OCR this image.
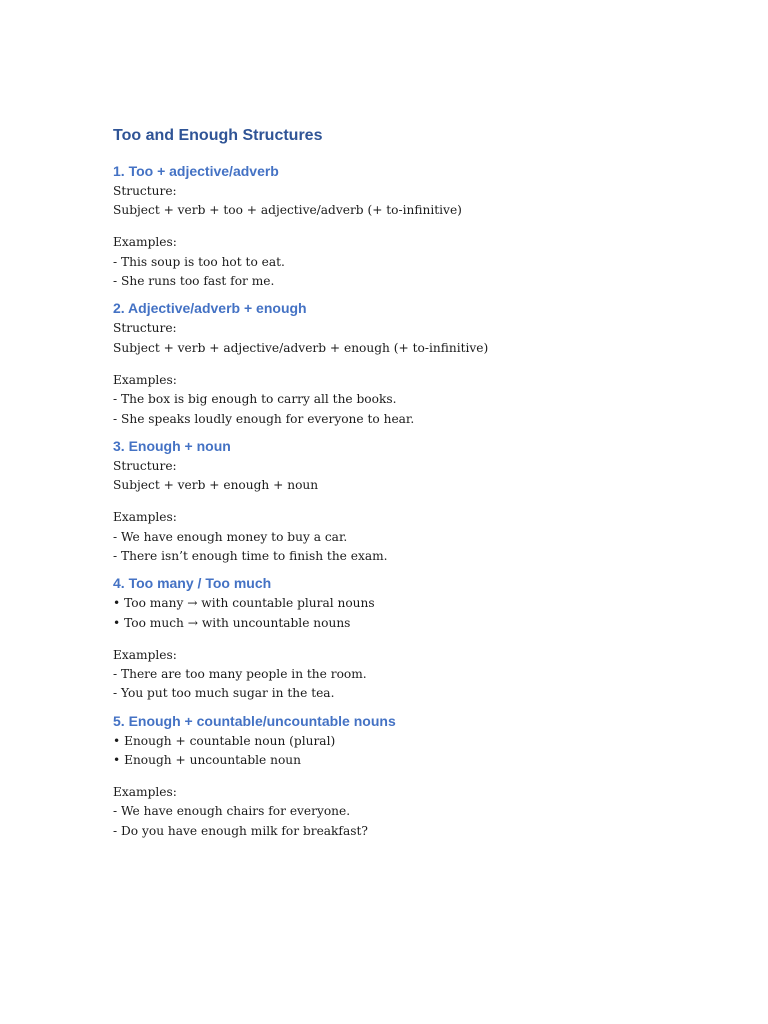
Too and Enough Structures
1. Too + adjective/adverb

Structure:

Subject + verb + too + adjective/adverb (+ to-infinitive)

Examples:

- This soup is too hot to eat.

- She runs too fast for me.

2. Adjective/adverb + enough

Structure:

Subject + verb + adjective/adverb + enough (+ to-infinitive)

Examples:

- The box is big enough to carry all the books.

- She speaks loudly enough for everyone to hear.

3. Enough + noun

Structure:

Subject + verb + enough + noun

Examples:

- We have enough money to buy a car.

- There isn’t enough time to finish the exam.

4. Too many / Too much

• Too many → with countable plural nouns

• Too much → with uncountable nouns

Examples:

- There are too many people in the room.

- You put too much sugar in the tea.

5. Enough + countable/uncountable nouns

• Enough + countable noun (plural)

• Enough + uncountable noun

Examples:

- We have enough chairs for everyone.

- Do you have enough milk for breakfast?
